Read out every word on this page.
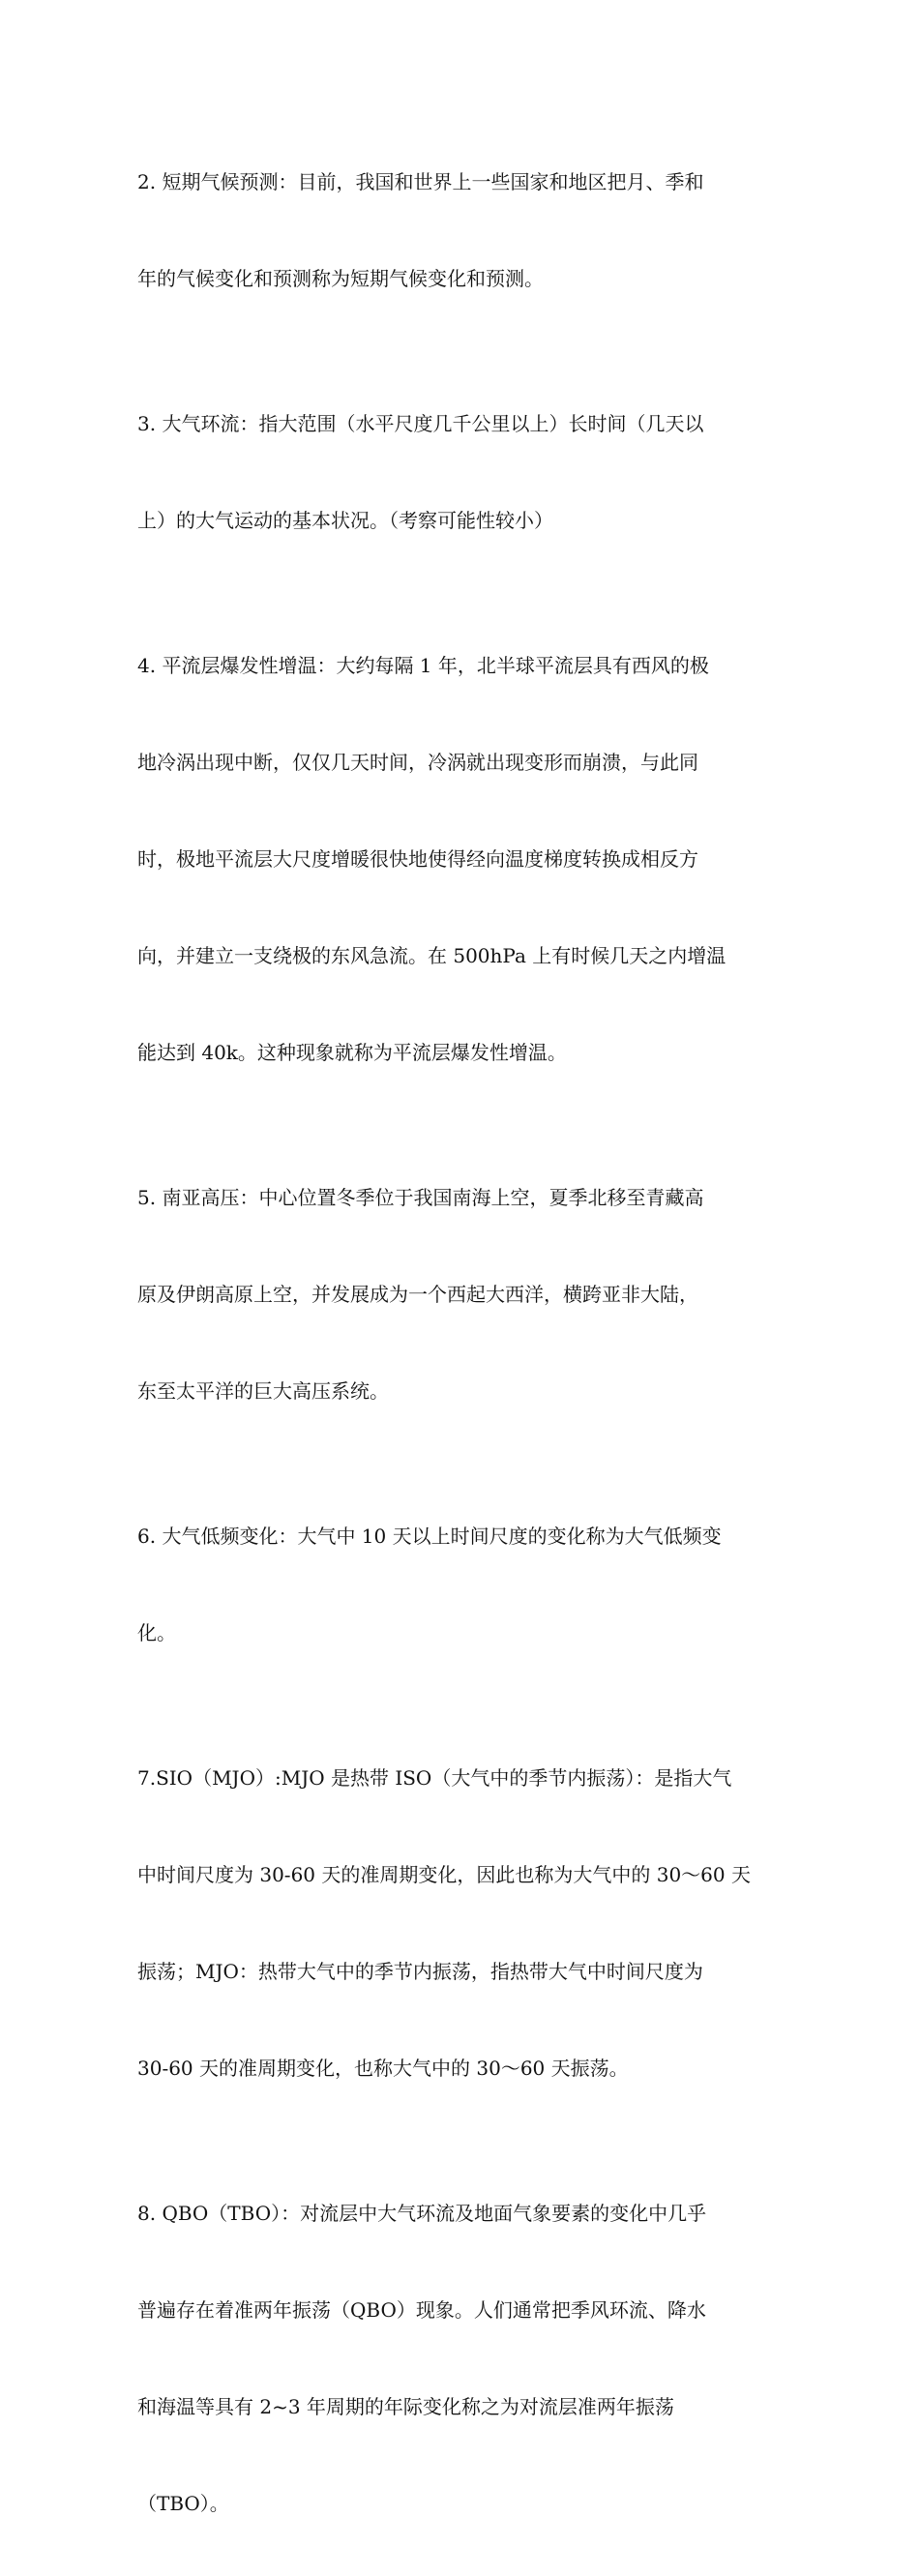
2. 短期气候预测：目前，我国和世界上一些国家和地区把月、季和

年的气候变化和预测称为短期气候变化和预测。

3. 大气环流：指大范围（水平尺度几千公里以上）长时间（几天以

上）的大气运动的基本状况。（考察可能性较小）

4. 平流层爆发性增温：大约每隔 1 年，北半球平流层具有西风的极

地冷涡出现中断，仅仅几天时间，冷涡就出现变形而崩溃，与此同

时，极地平流层大尺度增暖很快地使得经向温度梯度转换成相反方

向，并建立一支绕极的东风急流。在 500hPa 上有时候几天之内增温

能达到 40k。这种现象就称为平流层爆发性增温。

5. 南亚高压：中心位置冬季位于我国南海上空，夏季北移至青藏高

原及伊朗高原上空，并发展成为一个西起大西洋，横跨亚非大陆，

东至太平洋的巨大高压系统。

6. 大气低频变化：大气中 10 天以上时间尺度的变化称为大气低频变

化。

7.SIO（MJO）:MJO 是热带 ISO（大气中的季节内振荡）：是指大气

中时间尺度为 30-60 天的准周期变化，因此也称为大气中的 30〜60 天

振荡；MJO：热带大气中的季节内振荡，指热带大气中时间尺度为

30-60 天的准周期变化，也称大气中的 30〜60 天振荡。

8. QBO（TBO）：对流层中大气环流及地面气象要素的变化中几乎

普遍存在着准两年振荡（QBO）现象。人们通常把季风环流、降水

和海温等具有 2~3 年周期的年际变化称之为对流层准两年振荡

（TBO）。
